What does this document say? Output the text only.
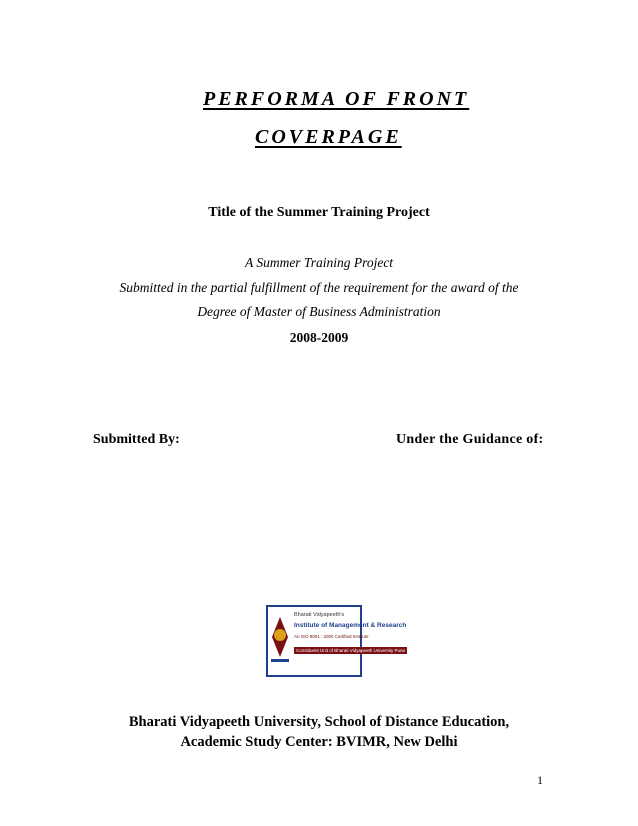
PERFORMA OF FRONT
COVERPAGE
Title of the Summer Training Project
A Summer Training Project
Submitted in the partial fulfillment of the requirement for the award of the
Degree of Master of Business Administration
2008-2009
Submitted By:	Under the Guidance of:
Bharati Vidyapeeth's
Institute of Management & Research
An ISO 9001 : 2000 Certified Institute
Constituent Unit of Bharati Vidyapeeth University Pune
Bharati Vidyapeeth University, School of Distance Education,
Academic Study Center: BVIMR, New Delhi
1
